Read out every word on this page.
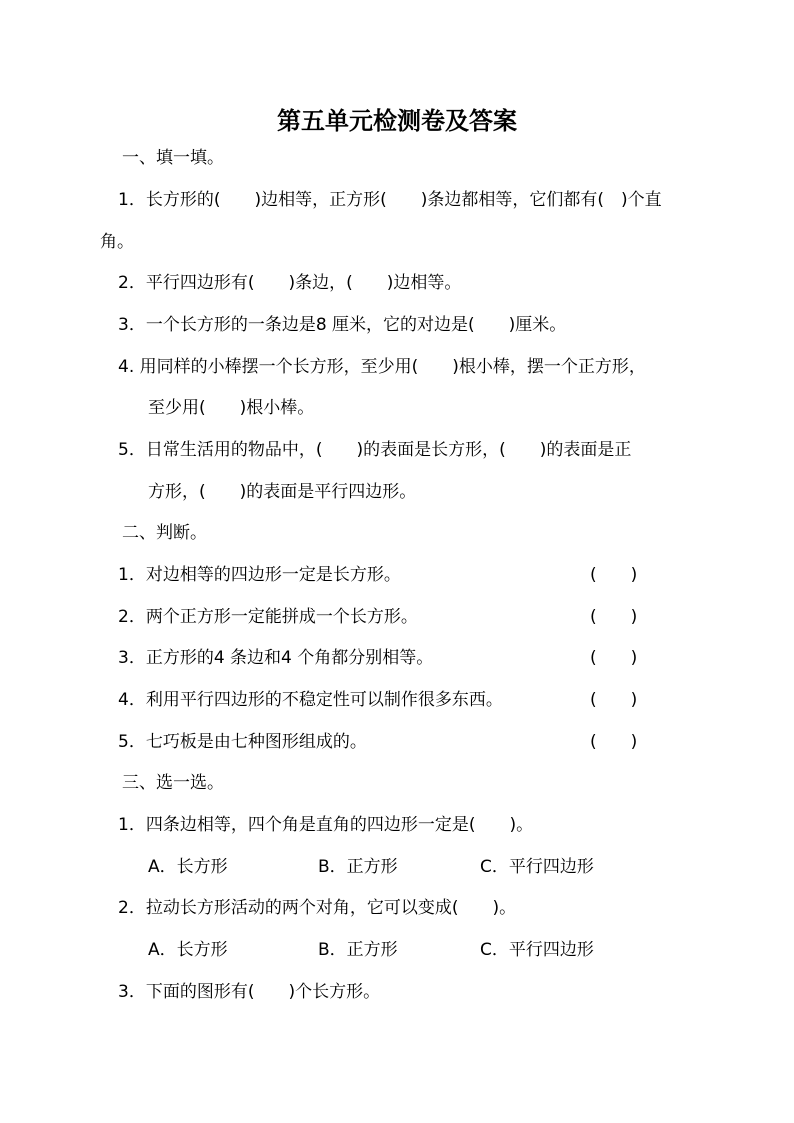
第五单元检测卷及答案
一、填一填。
1．长方形的(　　)边相等，正方形(　　)条边都相等，它们都有(　)个直
角。
2．平行四边形有(　　)条边，(　　)边相等。
3．一个长方形的一条边是8 厘米，它的对边是(　　)厘米。
4. 用同样的小棒摆一个长方形，至少用(　　)根小棒，摆一个正方形，
至少用(　　)根小棒。
5．日常生活用的物品中，(　　)的表面是长方形，(　　)的表面是正
方形，(　　)的表面是平行四边形。
二、判断。
1．对边相等的四边形一定是长方形。	(　　)
2．两个正方形一定能拼成一个长方形。	(　　)
3．正方形的4 条边和4 个角都分别相等。	(　　)
4．利用平行四边形的不稳定性可以制作很多东西。	(　　)
5．七巧板是由七种图形组成的。	(　　)
三、选一选。
1．四条边相等，四个角是直角的四边形一定是(　　)。
A．长方形	B．正方形	C．平行四边形
2．拉动长方形活动的两个对角，它可以变成(　　)。
A．长方形	B．正方形	C．平行四边形
3．下面的图形有(　　)个长方形。
